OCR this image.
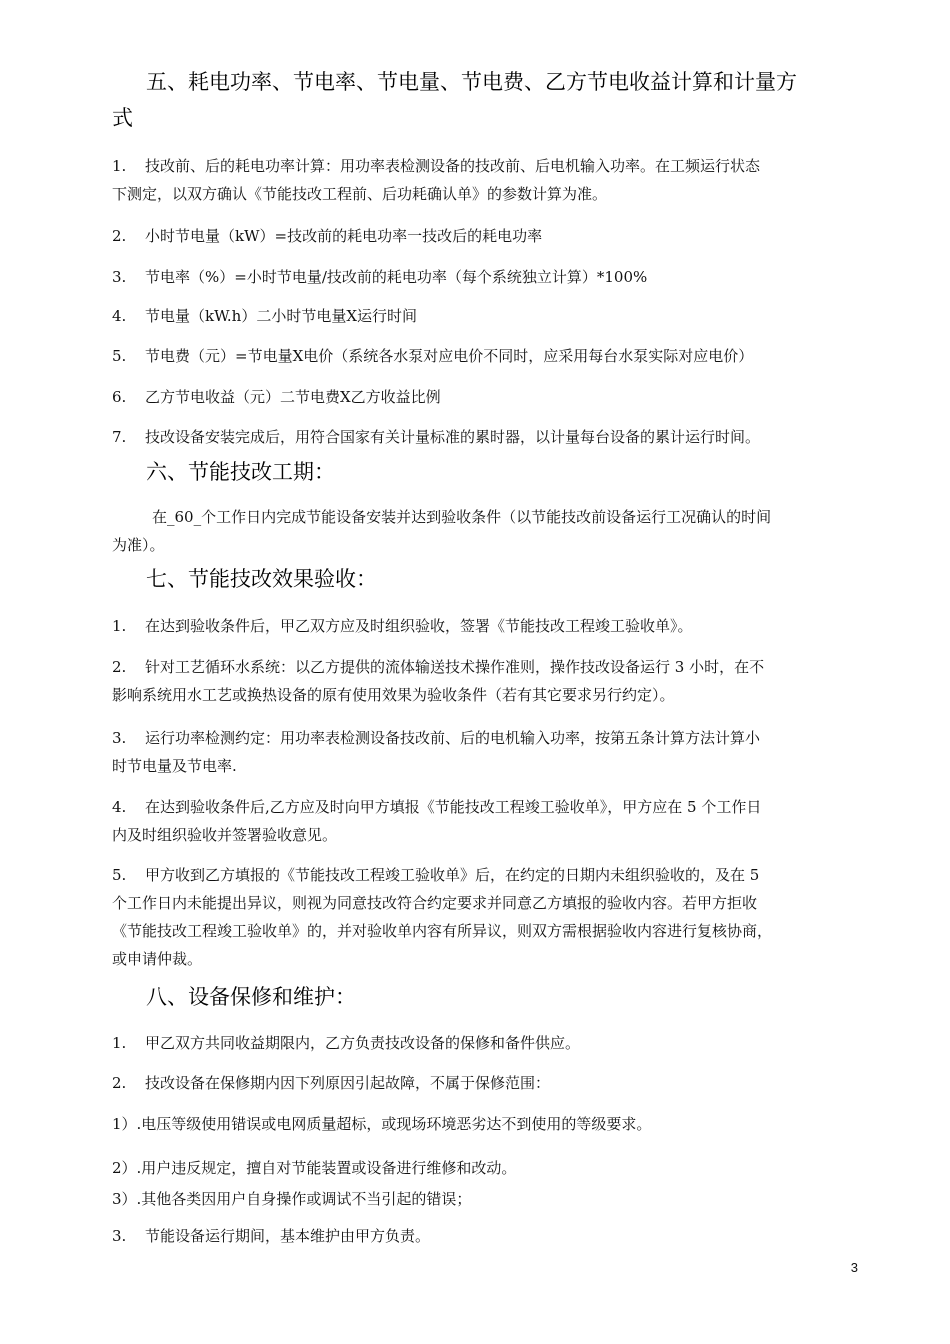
五、耗电功率、节电率、节电量、节电费、乙方节电收益计算和计量方
式
1. 技改前、后的耗电功率计算：用功率表检测设备的技改前、后电机输入功率。在工频运行状态
下测定，以双方确认《节能技改工程前、后功耗确认单》的参数计算为准。
2. 小时节电量（kW）=技改前的耗电功率一技改后的耗电功率
3. 节电率（%）=小时节电量/技改前的耗电功率（每个系统独立计算）*100%
4. 节电量（kW.h）二小时节电量X运行时间
5. 节电费（元）=节电量X电价（系统各水泵对应电价不同时，应采用每台水泵实际对应电价）
6. 乙方节电收益（元）二节电费X乙方收益比例
7. 技改设备安装完成后，用符合国家有关计量标准的累时器，以计量每台设备的累计运行时间。
六、节能技改工期：
在_60_个工作日内完成节能设备安装并达到验收条件（以节能技改前设备运行工况确认的时间
为准）。
七、节能技改效果验收：
1. 在达到验收条件后，甲乙双方应及时组织验收，签署《节能技改工程竣工验收单》。
2. 针对工艺循环水系统：以乙方提供的流体输送技术操作准则，操作技改设备运行 3 小时，在不
影响系统用水工艺或换热设备的原有使用效果为验收条件（若有其它要求另行约定）。
3. 运行功率检测约定：用功率表检测设备技改前、后的电机输入功率，按第五条计算方法计算小
时节电量及节电率.
4. 在达到验收条件后,乙方应及时向甲方填报《节能技改工程竣工验收单》，甲方应在 5 个工作日
内及时组织验收并签署验收意见。
5. 甲方收到乙方填报的《节能技改工程竣工验收单》后，在约定的日期内未组织验收的，及在 5
个工作日内未能提出异议，则视为同意技改符合约定要求并同意乙方填报的验收内容。若甲方拒收
《节能技改工程竣工验收单》的，并对验收单内容有所异议，则双方需根据验收内容进行复核协商，
或申请仲裁。
八、设备保修和维护：
1. 甲乙双方共同收益期限内，乙方负责技改设备的保修和备件供应。
2. 技改设备在保修期内因下列原因引起故障，不属于保修范围：
1）.电压等级使用错误或电网质量超标，或现场环境恶劣达不到使用的等级要求。
2）.用户违反规定，擅自对节能装置或设备进行维修和改动。
3）.其他各类因用户自身操作或调试不当引起的错误；
3. 节能设备运行期间，基本维护由甲方负责。
3
